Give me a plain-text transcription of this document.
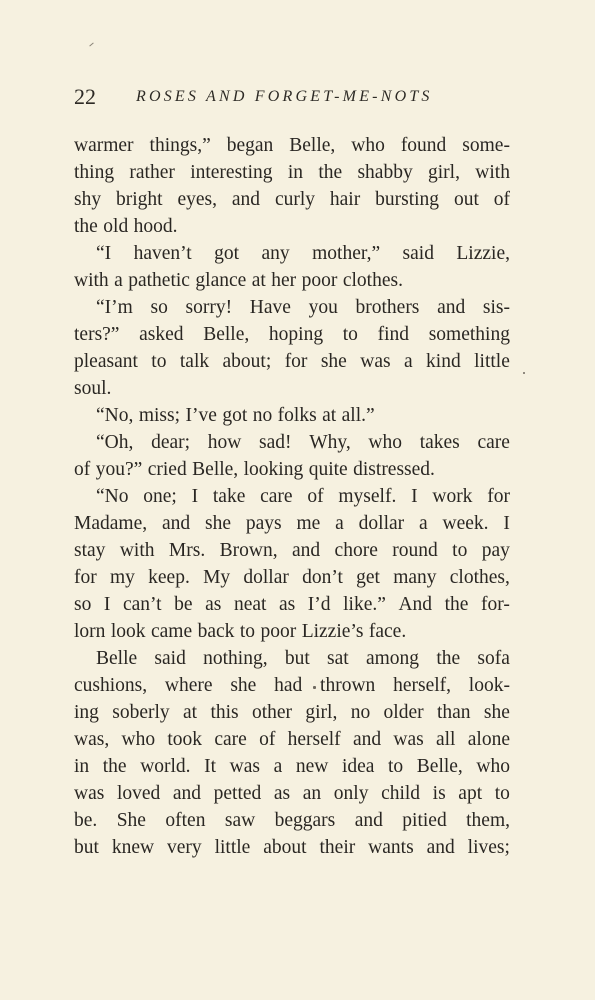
22	ROSES AND FORGET-ME-NOTS
warmer things,” began Belle, who found some-
thing rather interesting in the shabby girl, with
shy bright eyes, and curly hair bursting out of
the old hood.
“I haven’t got any mother,” said Lizzie,
with a pathetic glance at her poor clothes.
“I’m so sorry! Have you brothers and sis-
ters?” asked Belle, hoping to find something
pleasant to talk about; for she was a kind little
soul.
“No, miss; I’ve got no folks at all.”
“Oh, dear; how sad! Why, who takes care
of you?” cried Belle, looking quite distressed.
“No one; I take care of myself. I work for
Madame, and she pays me a dollar a week. I
stay with Mrs. Brown, and chore round to pay
for my keep. My dollar don’t get many clothes,
so I can’t be as neat as I’d like.” And the for-
lorn look came back to poor Lizzie’s face.
Belle said nothing, but sat among the sofa
cushions, where she had thrown herself, look-
ing soberly at this other girl, no older than she
was, who took care of herself and was all alone
in the world. It was a new idea to Belle, who
was loved and petted as an only child is apt to
be. She often saw beggars and pitied them,
but knew very little about their wants and lives;
